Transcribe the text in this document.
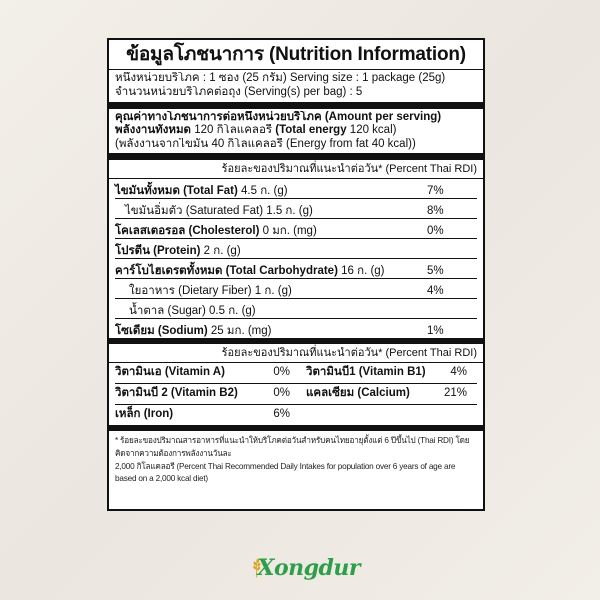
ข้อมูลโภชนาการ (Nutrition Information)
หนึ่งหน่วยบริโภค : 1 ซอง (25 กรัม) Serving size : 1 package (25g)
จำนวนหน่วยบริโภคต่อถุง (Serving(s) per bag) : 5
คุณค่าทางโภชนาการต่อหนึ่งหน่วยบริโภค (Amount per serving)
พลังงานทั้งหมด 120 กิโลแคลอรี (Total energy 120 kcal)
(พลังงานจากไขมัน 40 กิโลแคลอรี (Energy from fat 40 kcal))
ร้อยละของปริมาณที่แนะนำต่อวัน* (Percent Thai RDI)
ไขมันทั้งหมด (Total Fat) 4.5 ก. (g)	7%
ไขมันอิ่มตัว (Saturated Fat) 1.5 ก. (g)	8%
โคเลสเตอรอล (Cholesterol) 0 มก. (mg)	0%
โปรตีน (Protein) 2 ก. (g)
คาร์โบไฮเดรตทั้งหมด (Total Carbohydrate) 16 ก. (g)	5%
ใยอาหาร (Dietary Fiber) 1 ก. (g)	4%
น้ำตาล (Sugar) 0.5 ก. (g)
โซเดียม (Sodium) 25 มก. (mg)	1%
ร้อยละของปริมาณที่แนะนำต่อวัน* (Percent Thai RDI)
วิตามินเอ (Vitamin A)	0% วิตามินบี1 (Vitamin B1) 4%
วิตามินบี 2 (Vitamin B2)	0% แคลเซียม (Calcium)	21%
เหล็ก (Iron)	6%
* ร้อยละของปริมาณสารอาหารที่แนะนำให้บริโภคต่อวันสำหรับคนไทยอายุตั้งแต่ 6 ปีขึ้นไป (Thai RDI) โดยคิดจากความต้องการพลังงานวันละ
2,000 กิโลแคลอรี (Percent Thai Recommended Daily Intakes for population over 6 years of age are based on a 2,000 kcal diet)
Xongdur
